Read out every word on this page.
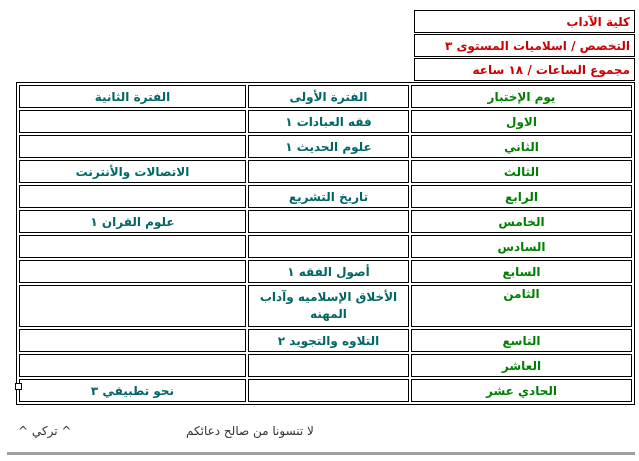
كلية الآداب
التخصص / اسلاميات المستوى ٣
مجموع الساعات / ١٨ ساعه
يوم الإختبار	الفترة الأولى	الفترة الثانية
الاول	فقه العبادات ١	
الثاني	علوم الحديث ١	
الثالث		الاتصالات والأنترنت
الرابع	تاريخ التشريع	
الخامس		علوم القران ١
السادس		
السابع	أصول الفقه ١	
الثامن	الأخلاق الإسلاميه وآداب المهنه	
التاسع	التلاوه والتجويد ٢	
العاشر		
الحادي عشر		نحو تطبيقي ٣
لا تنسونا من صالح دعائكم
^ تركي ^
